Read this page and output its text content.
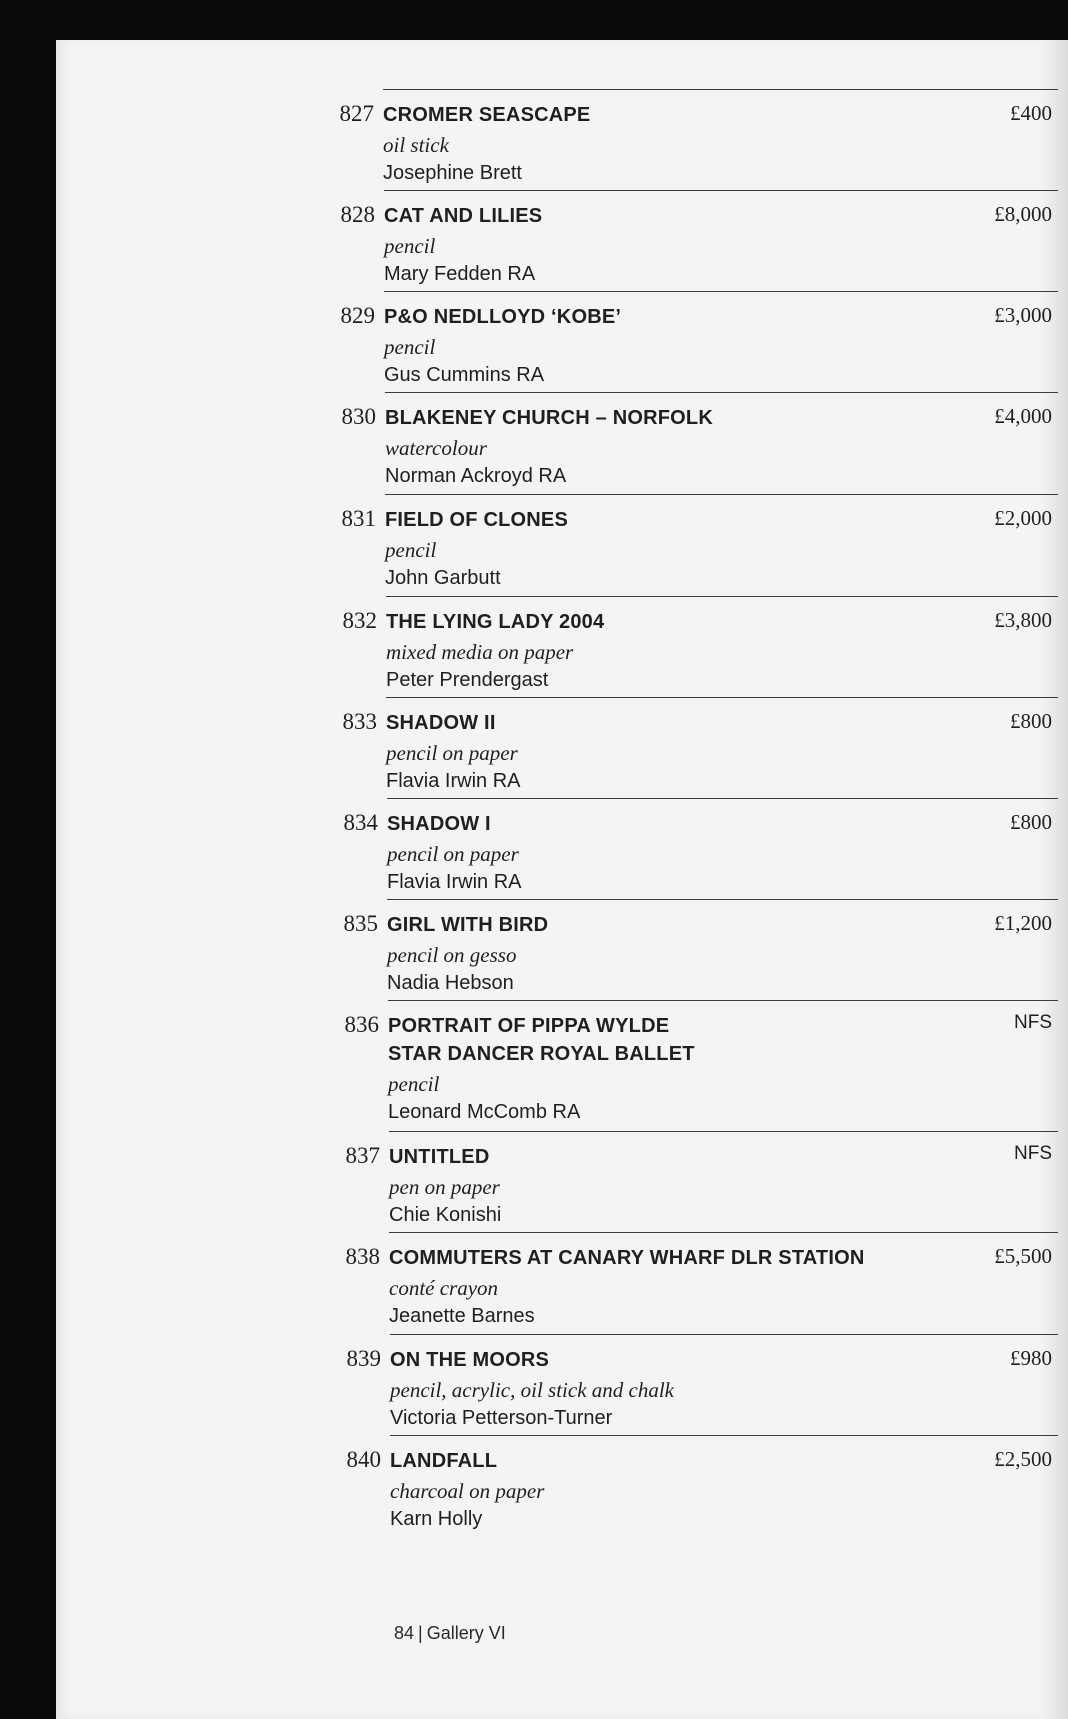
827 CROMER SEASCAPE
oil stick
Josephine Brett
£400
828 CAT AND LILIES
pencil
Mary Fedden RA
£8,000
829 P&O NEDLLOYD ‘KOBE’
pencil
Gus Cummins RA
£3,000
830 BLAKENEY CHURCH – NORFOLK
watercolour
Norman Ackroyd RA
£4,000
831 FIELD OF CLONES
pencil
John Garbutt
£2,000
832 THE LYING LADY 2004
mixed media on paper
Peter Prendergast
£3,800
833 SHADOW II
pencil on paper
Flavia Irwin RA
£800
834 SHADOW I
pencil on paper
Flavia Irwin RA
£800
835 GIRL WITH BIRD
pencil on gesso
Nadia Hebson
£1,200
836 PORTRAIT OF PIPPA WYLDE
STAR DANCER ROYAL BALLET
pencil
Leonard McComb RA
NFS
837 UNTITLED
pen on paper
Chie Konishi
NFS
838 COMMUTERS AT CANARY WHARF DLR STATION
conté crayon
Jeanette Barnes
£5,500
839 ON THE MOORS
pencil, acrylic, oil stick and chalk
Victoria Petterson-Turner
£980
840 LANDFALL
charcoal on paper
Karn Holly
£2,500
84 | Gallery VI
